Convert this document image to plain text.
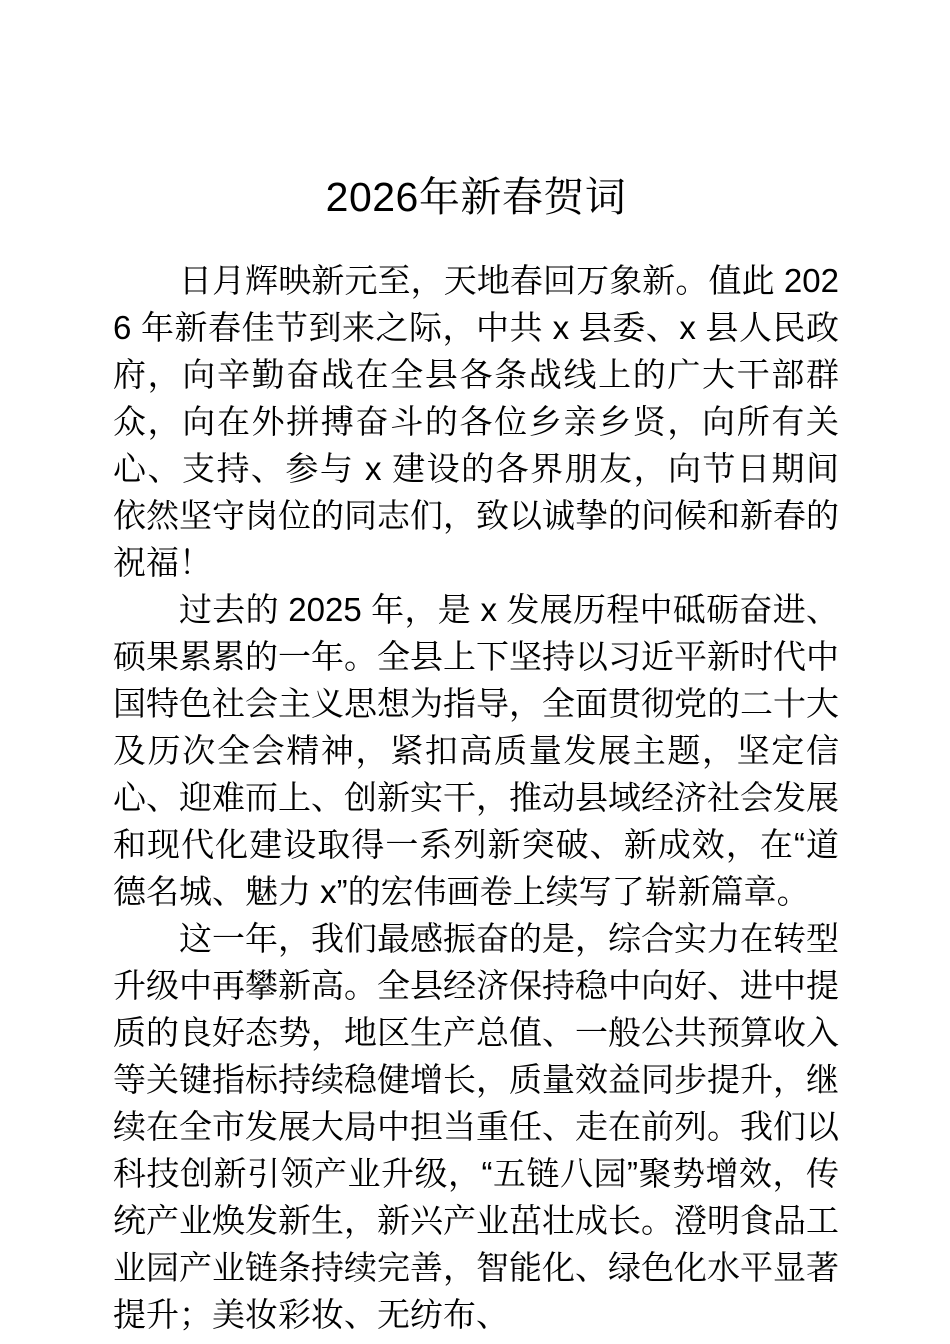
2026年新春贺词

日月辉映新元至，天地春回万象新。值此 2026 年新春佳节到来之际，中共 x 县委、x 县人民政府，向辛勤奋战在全县各条战线上的广大干部群众，向在外拼搏奋斗的各位乡亲乡贤，向所有关心、支持、参与 x 建设的各界朋友，向节日期间依然坚守岗位的同志们，致以诚挚的问候和新春的祝福！

过去的 2025 年，是 x 发展历程中砥砺奋进、硕果累累的一年。全县上下坚持以习近平新时代中国特色社会主义思想为指导，全面贯彻党的二十大及历次全会精神，紧扣高质量发展主题，坚定信心、迎难而上、创新实干，推动县域经济社会发展和现代化建设取得一系列新突破、新成效，在“道德名城、魅力 x”的宏伟画卷上续写了崭新篇章。

这一年，我们最感振奋的是，综合实力在转型升级中再攀新高。全县经济保持稳中向好、进中提质的良好态势，地区生产总值、一般公共预算收入等关键指标持续稳健增长，质量效益同步提升，继续在全市发展大局中担当重任、走在前列。我们以科技创新引领产业升级，“五链八园”聚势增效，传统产业焕发新生，新兴产业茁壮成长。澄明食品工业园产业链条持续完善，智能化、绿色化水平显著提升；美妆彩妆、无纺布、
